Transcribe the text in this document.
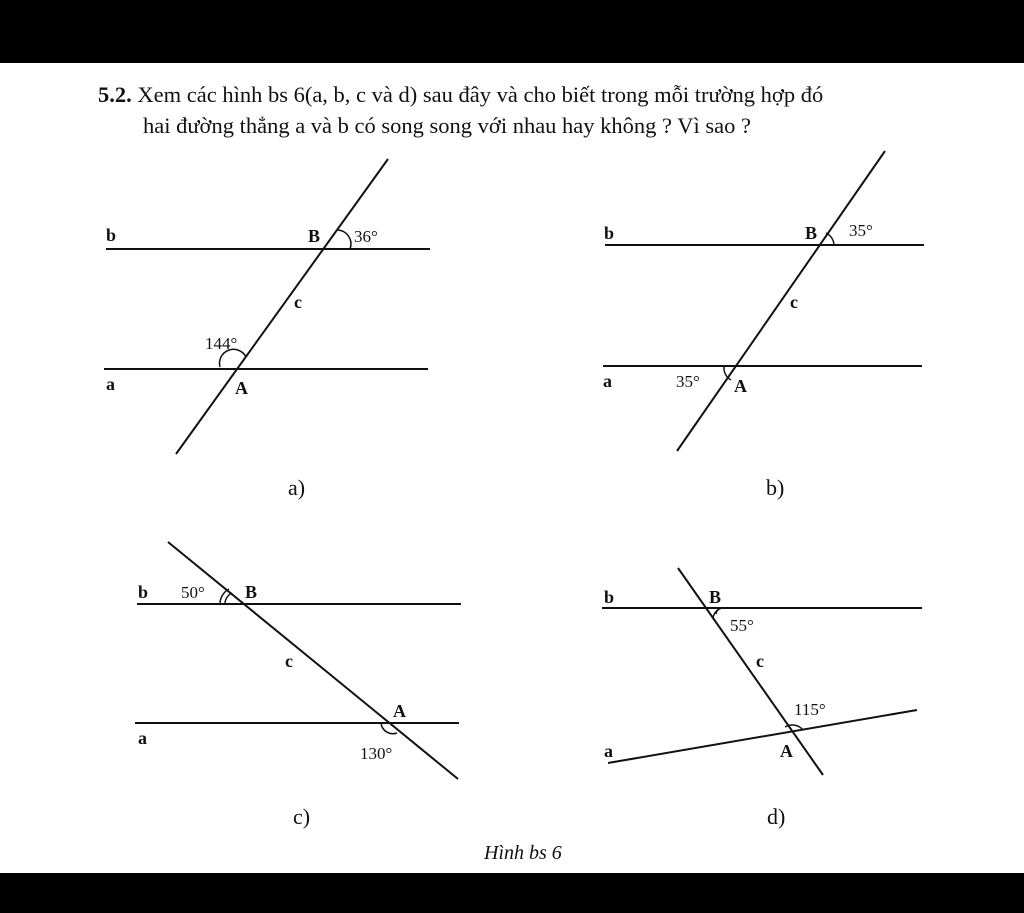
5.2. Xem các hình bs 6(a, b, c và d) sau đây và cho biết trong mỗi trường hợp đó
hai đường thẳng a và b có song song với nhau hay không ? Vì sao ?
b
a
c
B
A
36°
144°
a)
b
a
c
B
A
35°
35°
b)
b
a
c
B
A
50°
130°
c)
b
a
c
B
A
55°
115°
d)
Hình bs 6
